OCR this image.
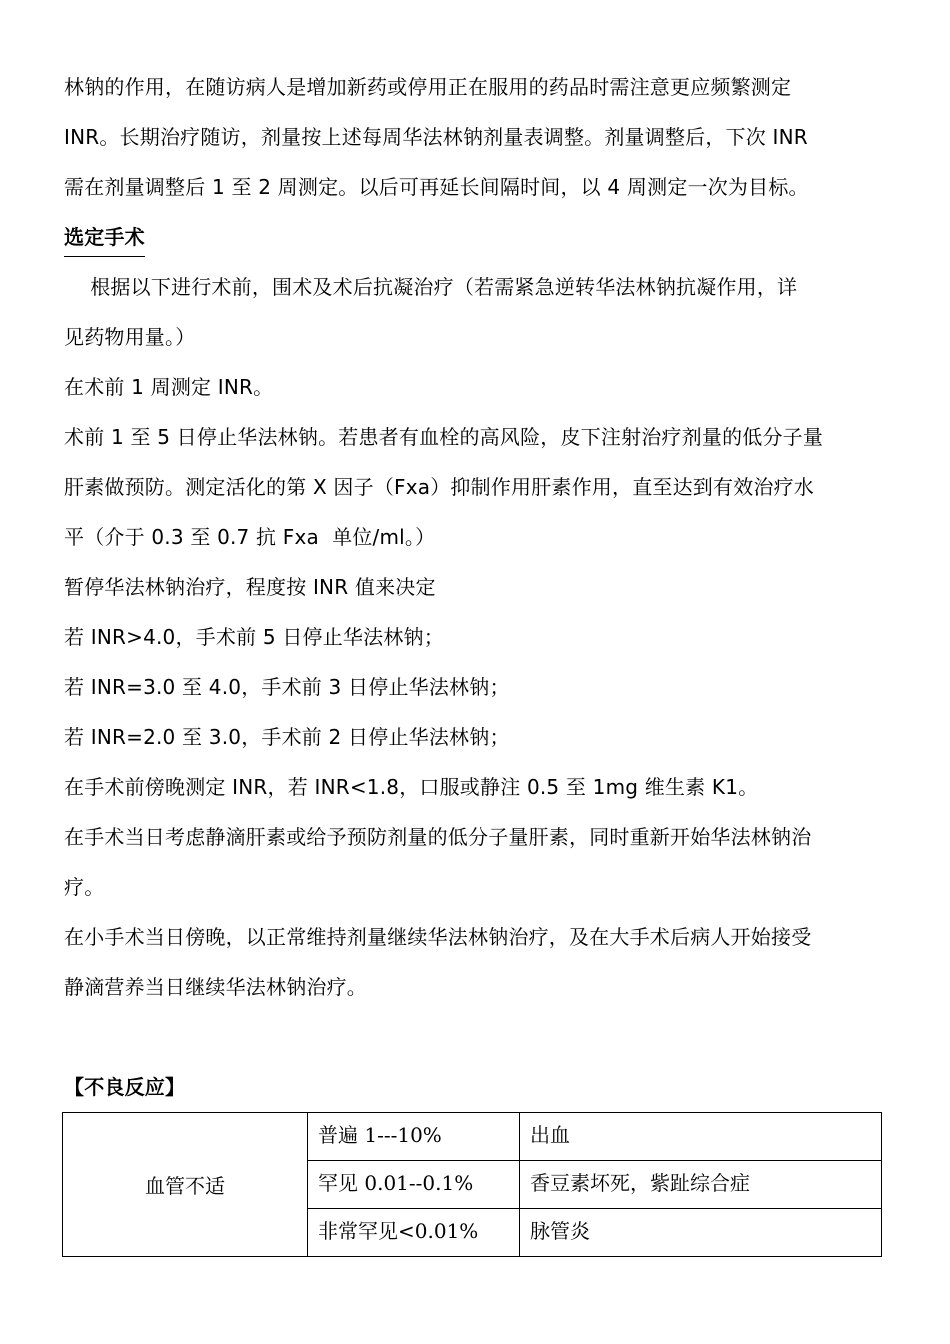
林钠的作用，在随访病人是增加新药或停用正在服用的药品时需注意更应频繁测定
INR。长期治疗随访，剂量按上述每周华法林钠剂量表调整。剂量调整后，下次 INR
需在剂量调整后 1 至 2 周测定。以后可再延长间隔时间，以 4 周测定一次为目标。
选定手术
根据以下进行术前，围术及术后抗凝治疗（若需紧急逆转华法林钠抗凝作用，详
见药物用量。）
在术前 1 周测定 INR。
术前 1 至 5 日停止华法林钠。若患者有血栓的高风险，皮下注射治疗剂量的低分子量
肝素做预防。测定活化的第 X 因子（Fxa）抑制作用肝素作用，直至达到有效治疗水
平（介于 0.3 至 0.7 抗 Fxa  单位/ml。）
暂停华法林钠治疗，程度按 INR 值来决定
若 INR>4.0，手术前 5 日停止华法林钠；
若 INR=3.0 至 4.0，手术前 3 日停止华法林钠；
若 INR=2.0 至 3.0，手术前 2 日停止华法林钠；
在手术前傍晚测定 INR，若 INR<1.8，口服或静注 0.5 至 1mg 维生素 K1。
在手术当日考虑静滴肝素或给予预防剂量的低分子量肝素，同时重新开始华法林钠治
疗。
在小手术当日傍晚，以正常维持剂量继续华法林钠治疗，及在大手术后病人开始接受
静滴营养当日继续华法林钠治疗。
【不良反应】
血管不适	普遍 1---10%	出血
	罕见 0.01--0.1%	香豆素坏死，紫趾综合症
	非常罕见<0.01%	脉管炎
